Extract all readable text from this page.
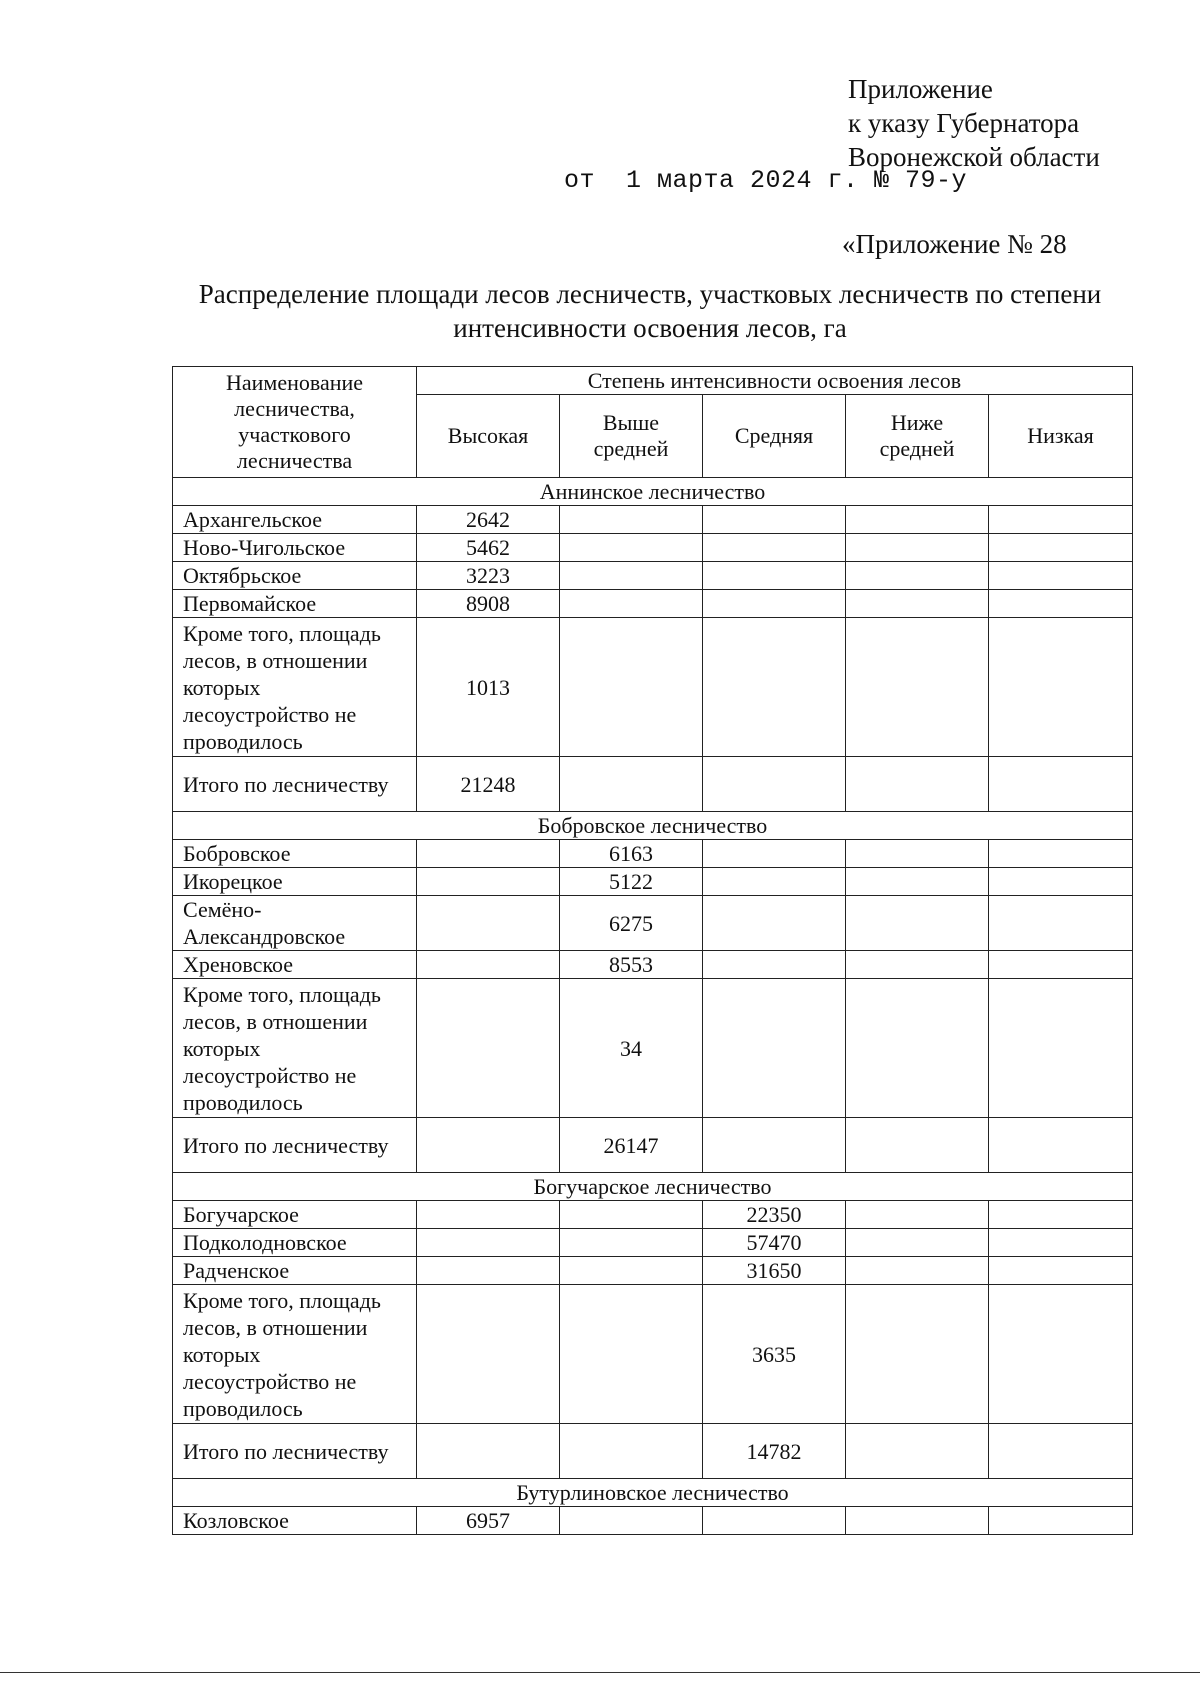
Приложение
к указу Губернатора
Воронежской области
от  1 марта 2024 г. № 79-у
«Приложение № 28
Распределение площади лесов лесничеств, участковых лесничеств по степени
интенсивности освоения лесов, га
Наименование лесничества, участкового лесничества	Степень интенсивности освоения лесов				
	Высокая	Выше средней	Средняя	Ниже средней	Низкая
Аннинское лесничество					
Архангельское	2642				
Ново-Чигольское	5462				
Октябрьское	3223				
Первомайское	8908				
Кроме того, площадь лесов, в отношении которых лесоустройство не проводилось	1013				
Итого по лесничеству	21248				
Бобровское лесничество					
Бобровское		6163			
Икорецкое		5122			
Семёно-Александровское		6275			
Хреновское		8553			
Кроме того, площадь лесов, в отношении которых лесоустройство не проводилось		34			
Итого по лесничеству		26147			
Богучарское лесничество					
Богучарское			22350		
Подколодновское			57470		
Радченское			31650		
Кроме того, площадь лесов, в отношении которых лесоустройство не проводилось			3635		
Итого по лесничеству			14782		
Бутурлиновское лесничество					
Козловское	6957				
